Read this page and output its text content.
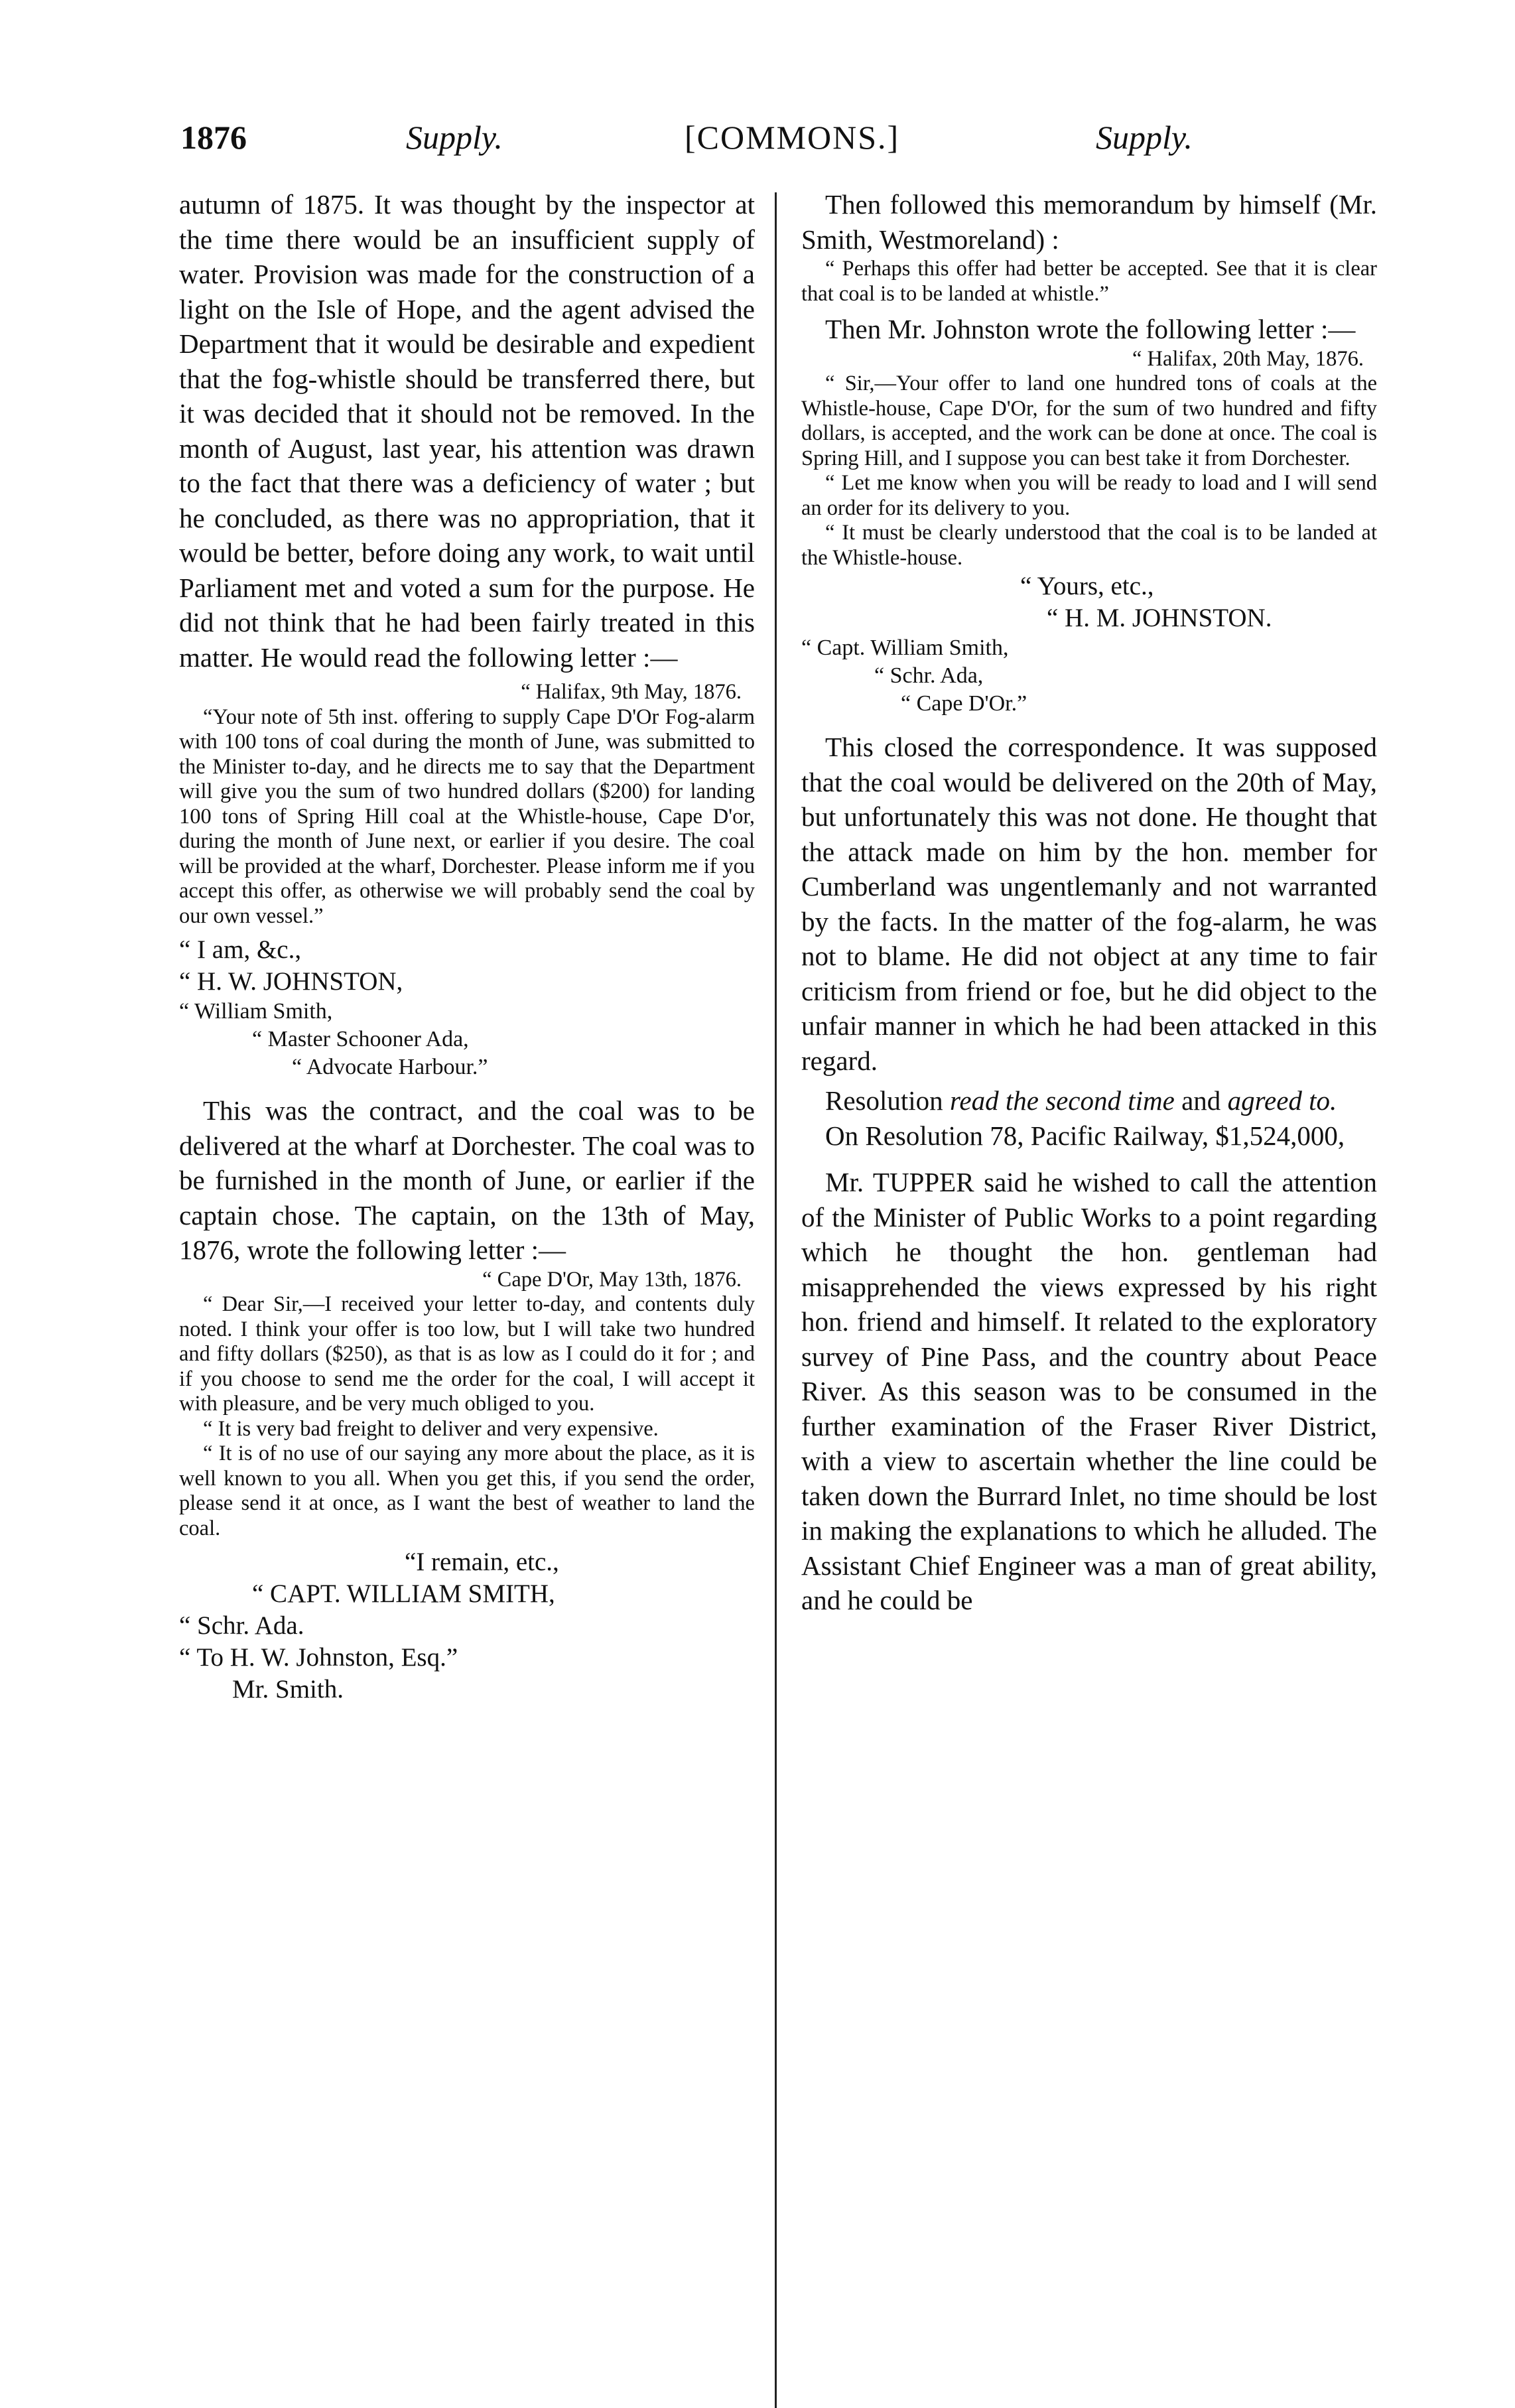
1876	Supply.	[COMMONS.]	Supply.

autumn of 1875. It was thought by the inspector at the time there would be an insufficient supply of water. Provision was made for the construction of a light on the Isle of Hope, and the agent advised the Department that it would be desirable and expedient that the fog-whistle should be transferred there, but it was decided that it should not be removed. In the month of August, last year, his attention was drawn to the fact that there was a deficiency of water ; but he concluded, as there was no appropriation, that it would be better, before doing any work, to wait until Parliament met and voted a sum for the purpose. He did not think that he had been fairly treated in this matter. He would read the following letter :—

“ Halifax, 9th May, 1876.

“Your note of 5th inst. offering to supply Cape D'Or Fog-alarm with 100 tons of coal during the month of June, was submitted to the Minister to-day, and he directs me to say that the Department will give you the sum of two hundred dollars ($200) for landing 100 tons of Spring Hill coal at the Whistle-house, Cape D'or, during the month of June next, or earlier if you desire. The coal will be provided at the wharf, Dorchester. Please inform me if you accept this offer, as otherwise we will probably send the coal by our own vessel.”

“ I am, &c.,

“ H. W. JOHNSTON,

“ William Smith,
“ Master Schooner Ada,
“ Advocate Harbour.”

This was the contract, and the coal was to be delivered at the wharf at Dorchester. The coal was to be furnished in the month of June, or earlier if the captain chose. The captain, on the 13th of May, 1876, wrote the following letter :—

“ Cape D'Or, May 13th, 1876.

“ Dear Sir,—I received your letter to-day, and contents duly noted. I think your offer is too low, but I will take two hundred and fifty dollars ($250), as that is as low as I could do it for ; and if you choose to send me the order for the coal, I will accept it with pleasure, and be very much obliged to you.

“ It is very bad freight to deliver and very expensive.

“ It is of no use of our saying any more about the place, as it is well known to you all. When you get this, if you send the order, please send it at once, as I want the best of weather to land the coal.

“I remain, etc.,

“ CAPT. WILLIAM SMITH,

“ Schr. Ada.

“ To H. W. Johnston, Esq.”

Mr. Smith.

Then followed this memorandum by himself (Mr. Smith, Westmoreland) :

“ Perhaps this offer had better be accepted. See that it is clear that coal is to be landed at whistle.”

Then Mr. Johnston wrote the following letter :—

“ Halifax, 20th May, 1876.

“ Sir,—Your offer to land one hundred tons of coals at the Whistle-house, Cape D'Or, for the sum of two hundred and fifty dollars, is accepted, and the work can be done at once. The coal is Spring Hill, and I suppose you can best take it from Dorchester.

“ Let me know when you will be ready to load and I will send an order for its delivery to you.

“ It must be clearly understood that the coal is to be landed at the Whistle-house.

“ Yours, etc.,

“ H. M. JOHNSTON.

“ Capt. William Smith,
“ Schr. Ada,
“ Cape D'Or.”

This closed the correspondence. It was supposed that the coal would be delivered on the 20th of May, but unfortunately this was not done. He thought that the attack made on him by the hon. member for Cumberland was ungentlemanly and not warranted by the facts. In the matter of the fog-alarm, he was not to blame. He did not object at any time to fair criticism from friend or foe, but he did object to the unfair manner in which he had been attacked in this regard.

Resolution read the second time and agreed to.

On Resolution 78, Pacific Railway, $1,524,000,

Mr. TUPPER said he wished to call the attention of the Minister of Public Works to a point regarding which he thought the hon. gentleman had misapprehended the views expressed by his right hon. friend and himself. It related to the exploratory survey of Pine Pass, and the country about Peace River. As this season was to be consumed in the further examination of the Fraser River District, with a view to ascertain whether the line could be taken down the Burrard Inlet, no time should be lost in making the explanations to which he alluded. The Assistant Chief Engineer was a man of great ability, and he could be
